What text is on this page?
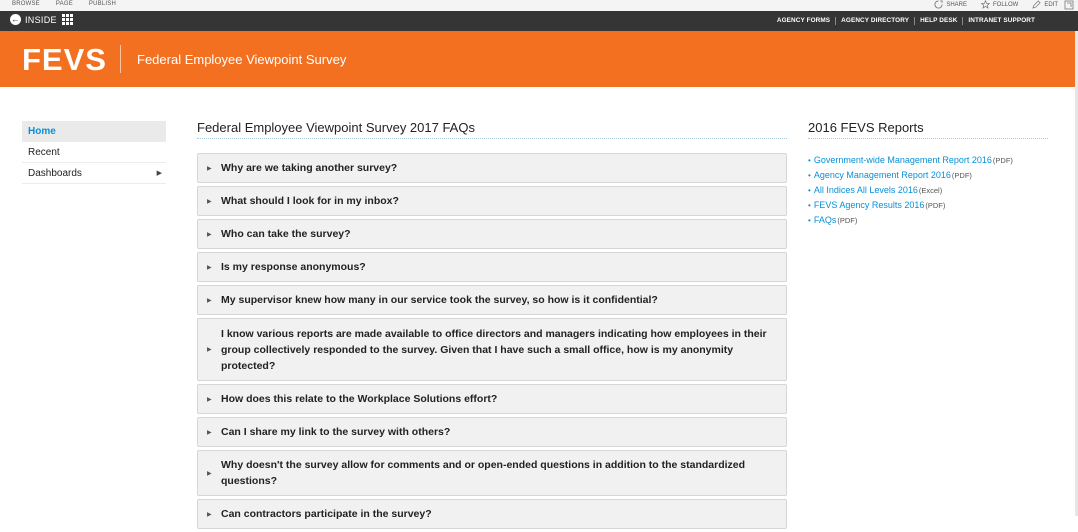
BROWSE	PAGE	PUBLISH	SHARE	FOLLOW	EDIT
← INSIDE	AGENCY FORMS	AGENCY DIRECTORY	HELP DESK	INTRANET SUPPORT
FEVS Federal Employee Viewpoint Survey
Home
Recent
Dashboards	▶
Federal Employee Viewpoint Survey 2017 FAQs
▶ Why are we taking another survey?
▶ What should I look for in my inbox?
▶ Who can take the survey?
▶ Is my response anonymous?
▶ My supervisor knew how many in our service took the survey, so how is it confidential?
▶
I know various reports are made available to office directors and managers indicating how employees in their group collectively responded to the survey. Given that I have such a small office, how is my anonymity protected?
▶ How does this relate to the Workplace Solutions effort?
▶ Can I share my link to the survey with others?
▶
Why doesn't the survey allow for comments and or open-ended questions in addition to the standardized questions?
▶ Can contractors participate in the survey?
2016 FEVS Reports
• Government-wide Management Report 2016(PDF)
• Agency Management Report 2016(PDF)
• All Indices All Levels 2016(Excel)
• FEVS Agency Results 2016(PDF)
• FAQs(PDF)
